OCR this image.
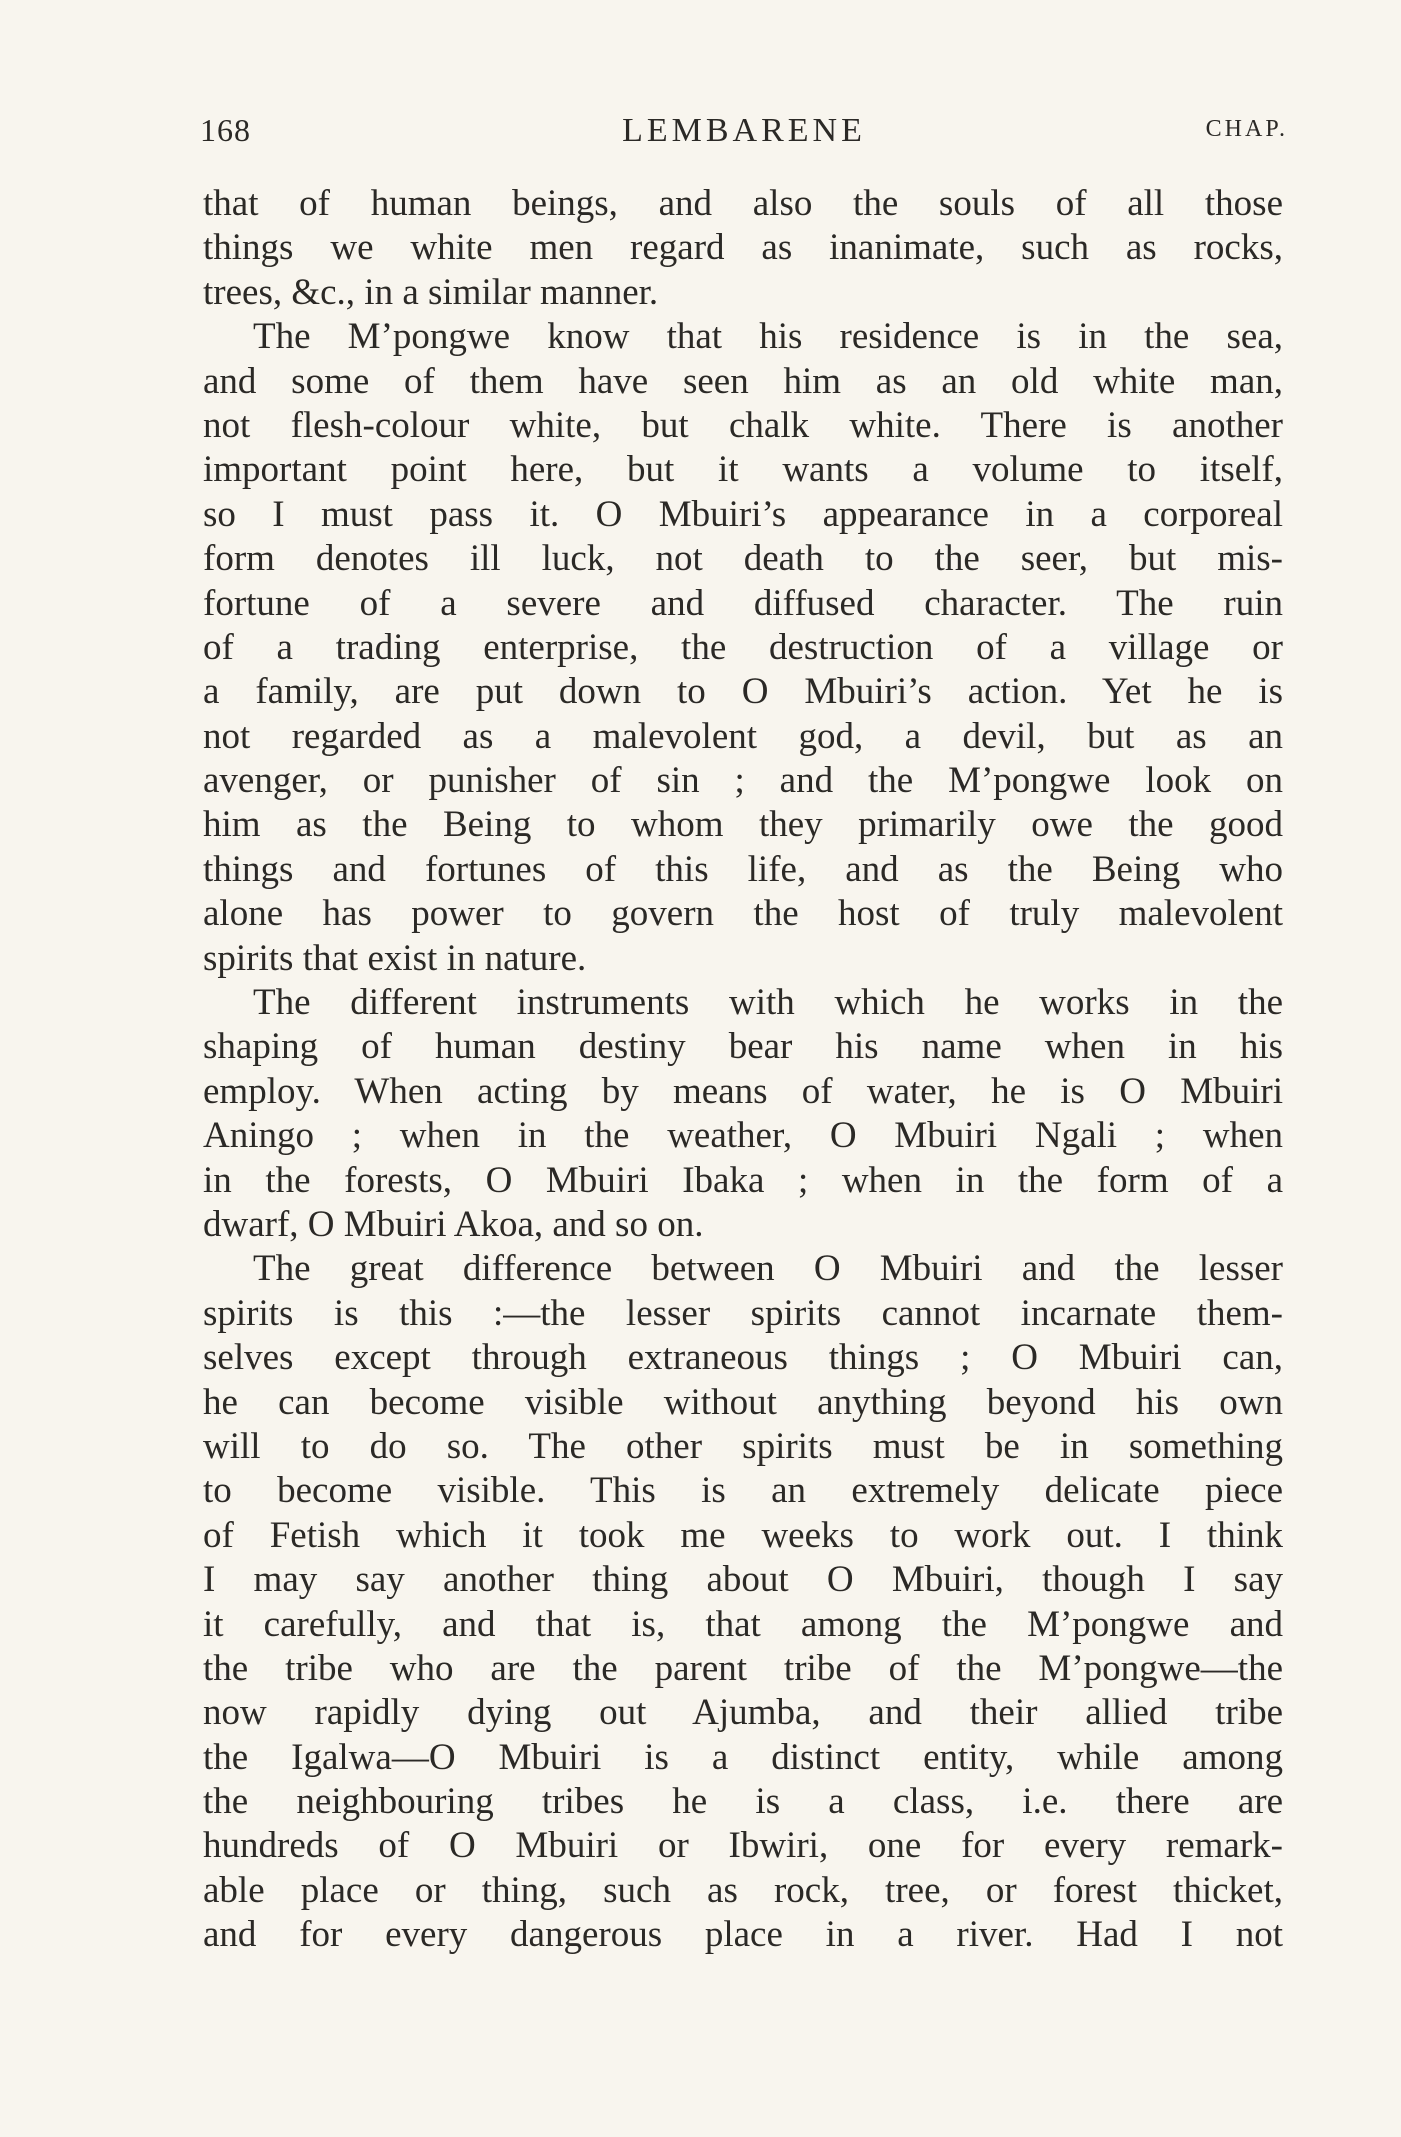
168	LEMBARENE	CHAP.
that of human beings, and also the souls of all those
things we white men regard as inanimate, such as rocks,
trees, &c., in a similar manner.
The M’pongwe know that his residence is in the sea,
and some of them have seen him as an old white man,
not flesh-colour white, but chalk white. There is another
important point here, but it wants a volume to itself,
so I must pass it. O Mbuiri’s appearance in a corporeal
form denotes ill luck, not death to the seer, but mis-
fortune of a severe and diffused character. The ruin
of a trading enterprise, the destruction of a village or
a family, are put down to O Mbuiri’s action. Yet he is
not regarded as a malevolent god, a devil, but as an
avenger, or punisher of sin ; and the M’pongwe look on
him as the Being to whom they primarily owe the good
things and fortunes of this life, and as the Being who
alone has power to govern the host of truly malevolent
spirits that exist in nature.
The different instruments with which he works in the
shaping of human destiny bear his name when in his
employ. When acting by means of water, he is O Mbuiri
Aningo ; when in the weather, O Mbuiri Ngali ; when
in the forests, O Mbuiri Ibaka ; when in the form of a
dwarf, O Mbuiri Akoa, and so on.
The great difference between O Mbuiri and the lesser
spirits is this :—the lesser spirits cannot incarnate them-
selves except through extraneous things ; O Mbuiri can,
he can become visible without anything beyond his own
will to do so. The other spirits must be in something
to become visible. This is an extremely delicate piece
of Fetish which it took me weeks to work out. I think
I may say another thing about O Mbuiri, though I say
it carefully, and that is, that among the M’pongwe and
the tribe who are the parent tribe of the M’pongwe—the
now rapidly dying out Ajumba, and their allied tribe
the Igalwa—O Mbuiri is a distinct entity, while among
the neighbouring tribes he is a class, i.e. there are
hundreds of O Mbuiri or Ibwiri, one for every remark-
able place or thing, such as rock, tree, or forest thicket,
and for every dangerous place in a river. Had I not
